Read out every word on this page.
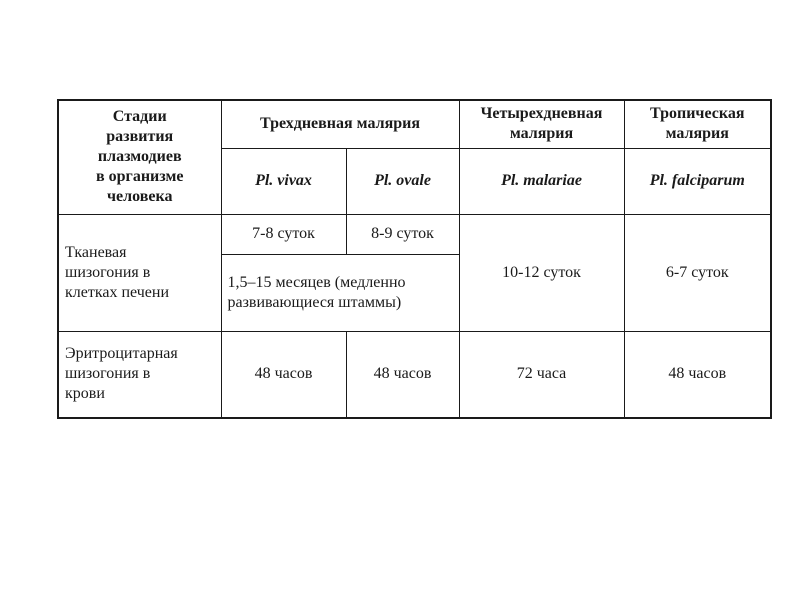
Стадии
развития
плазмодиев
в организме
человека	Трехдневная малярия		Четырехдневная
малярия	Тропическая
малярия
	Pl. vivax	Pl. ovale	Pl. malariae	Pl. falciparum
Тканевая
шизогония в
клетках печени	7-8 суток	8-9 суток	10-12 суток	6-7 суток
	1,5–15 месяцев (медленно
развивающиеся штаммы)			
Эритроцитарная
шизогония в
крови	48 часов	48 часов	72 часа	48 часов
